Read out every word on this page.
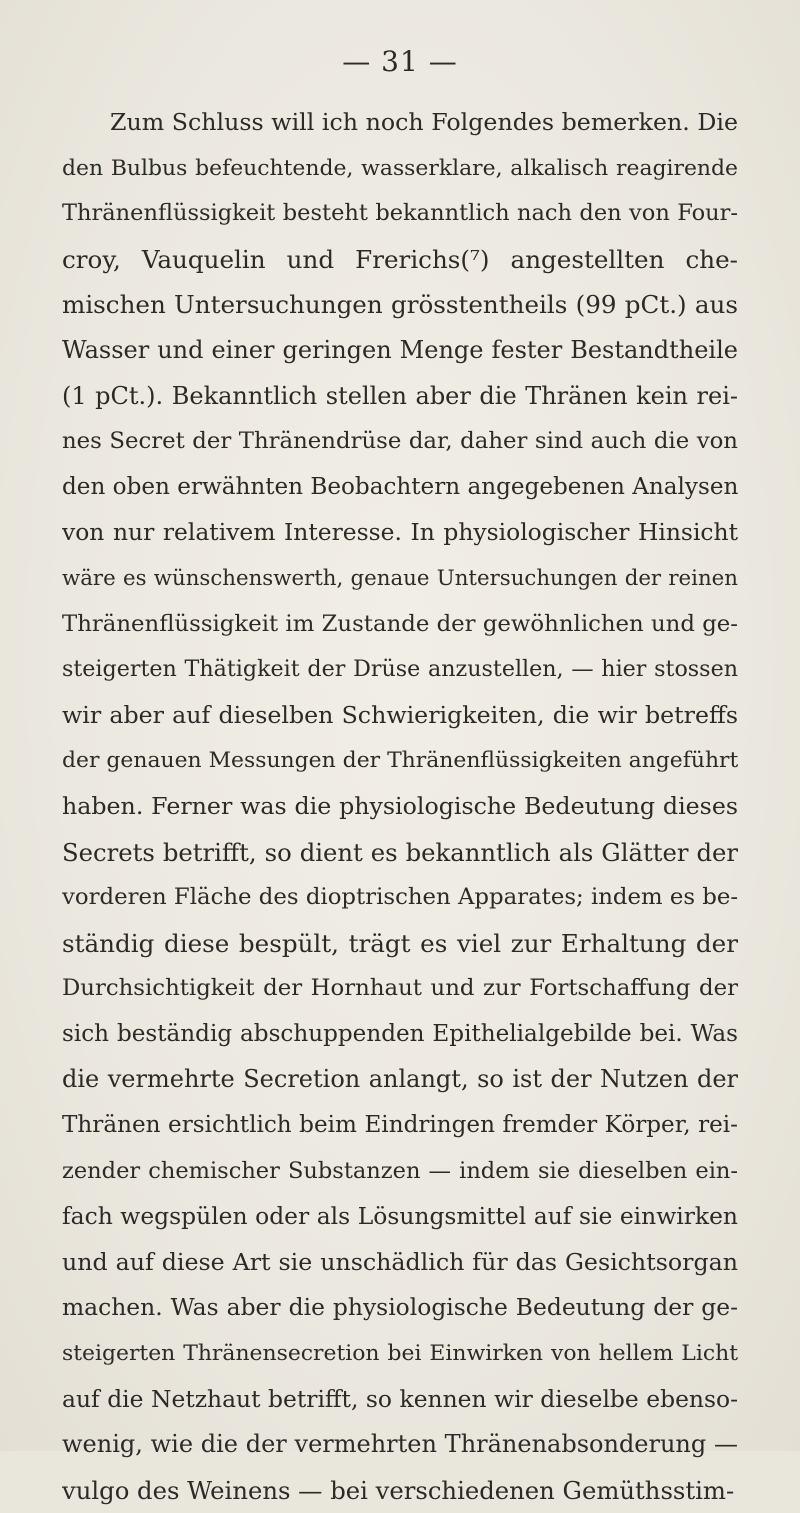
— 31 —
Zum Schluss will ich noch Folgendes bemerken. Die
den Bulbus befeuchtende, wasserklare, alkalisch reagirende
Thränenflüssigkeit besteht bekanntlich nach den von Four-
croy, Vauquelin und Frerichs(⁷) angestellten che-
mischen Untersuchungen grösstentheils (99 pCt.) aus
Wasser und einer geringen Menge fester Bestandtheile
(1 pCt.). Bekanntlich stellen aber die Thränen kein rei-
nes Secret der Thränendrüse dar, daher sind auch die von
den oben erwähnten Beobachtern angegebenen Analysen
von nur relativem Interesse. In physiologischer Hinsicht
wäre es wünschenswerth, genaue Untersuchungen der reinen
Thränenflüssigkeit im Zustande der gewöhnlichen und ge-
steigerten Thätigkeit der Drüse anzustellen, — hier stossen
wir aber auf dieselben Schwierigkeiten, die wir betreffs
der genauen Messungen der Thränenflüssigkeiten angeführt
haben. Ferner was die physiologische Bedeutung dieses
Secrets betrifft, so dient es bekanntlich als Glätter der
vorderen Fläche des dioptrischen Apparates; indem es be-
ständig diese bespült, trägt es viel zur Erhaltung der
Durchsichtigkeit der Hornhaut und zur Fortschaffung der
sich beständig abschuppenden Epithelialgebilde bei. Was
die vermehrte Secretion anlangt, so ist der Nutzen der
Thränen ersichtlich beim Eindringen fremder Körper, rei-
zender chemischer Substanzen — indem sie dieselben ein-
fach wegspülen oder als Lösungsmittel auf sie einwirken
und auf diese Art sie unschädlich für das Gesichtsorgan
machen. Was aber die physiologische Bedeutung der ge-
steigerten Thränensecretion bei Einwirken von hellem Licht
auf die Netzhaut betrifft, so kennen wir dieselbe ebenso-
wenig, wie die der vermehrten Thränenabsonderung —
vulgo des Weinens — bei verschiedenen Gemüthsstim-
